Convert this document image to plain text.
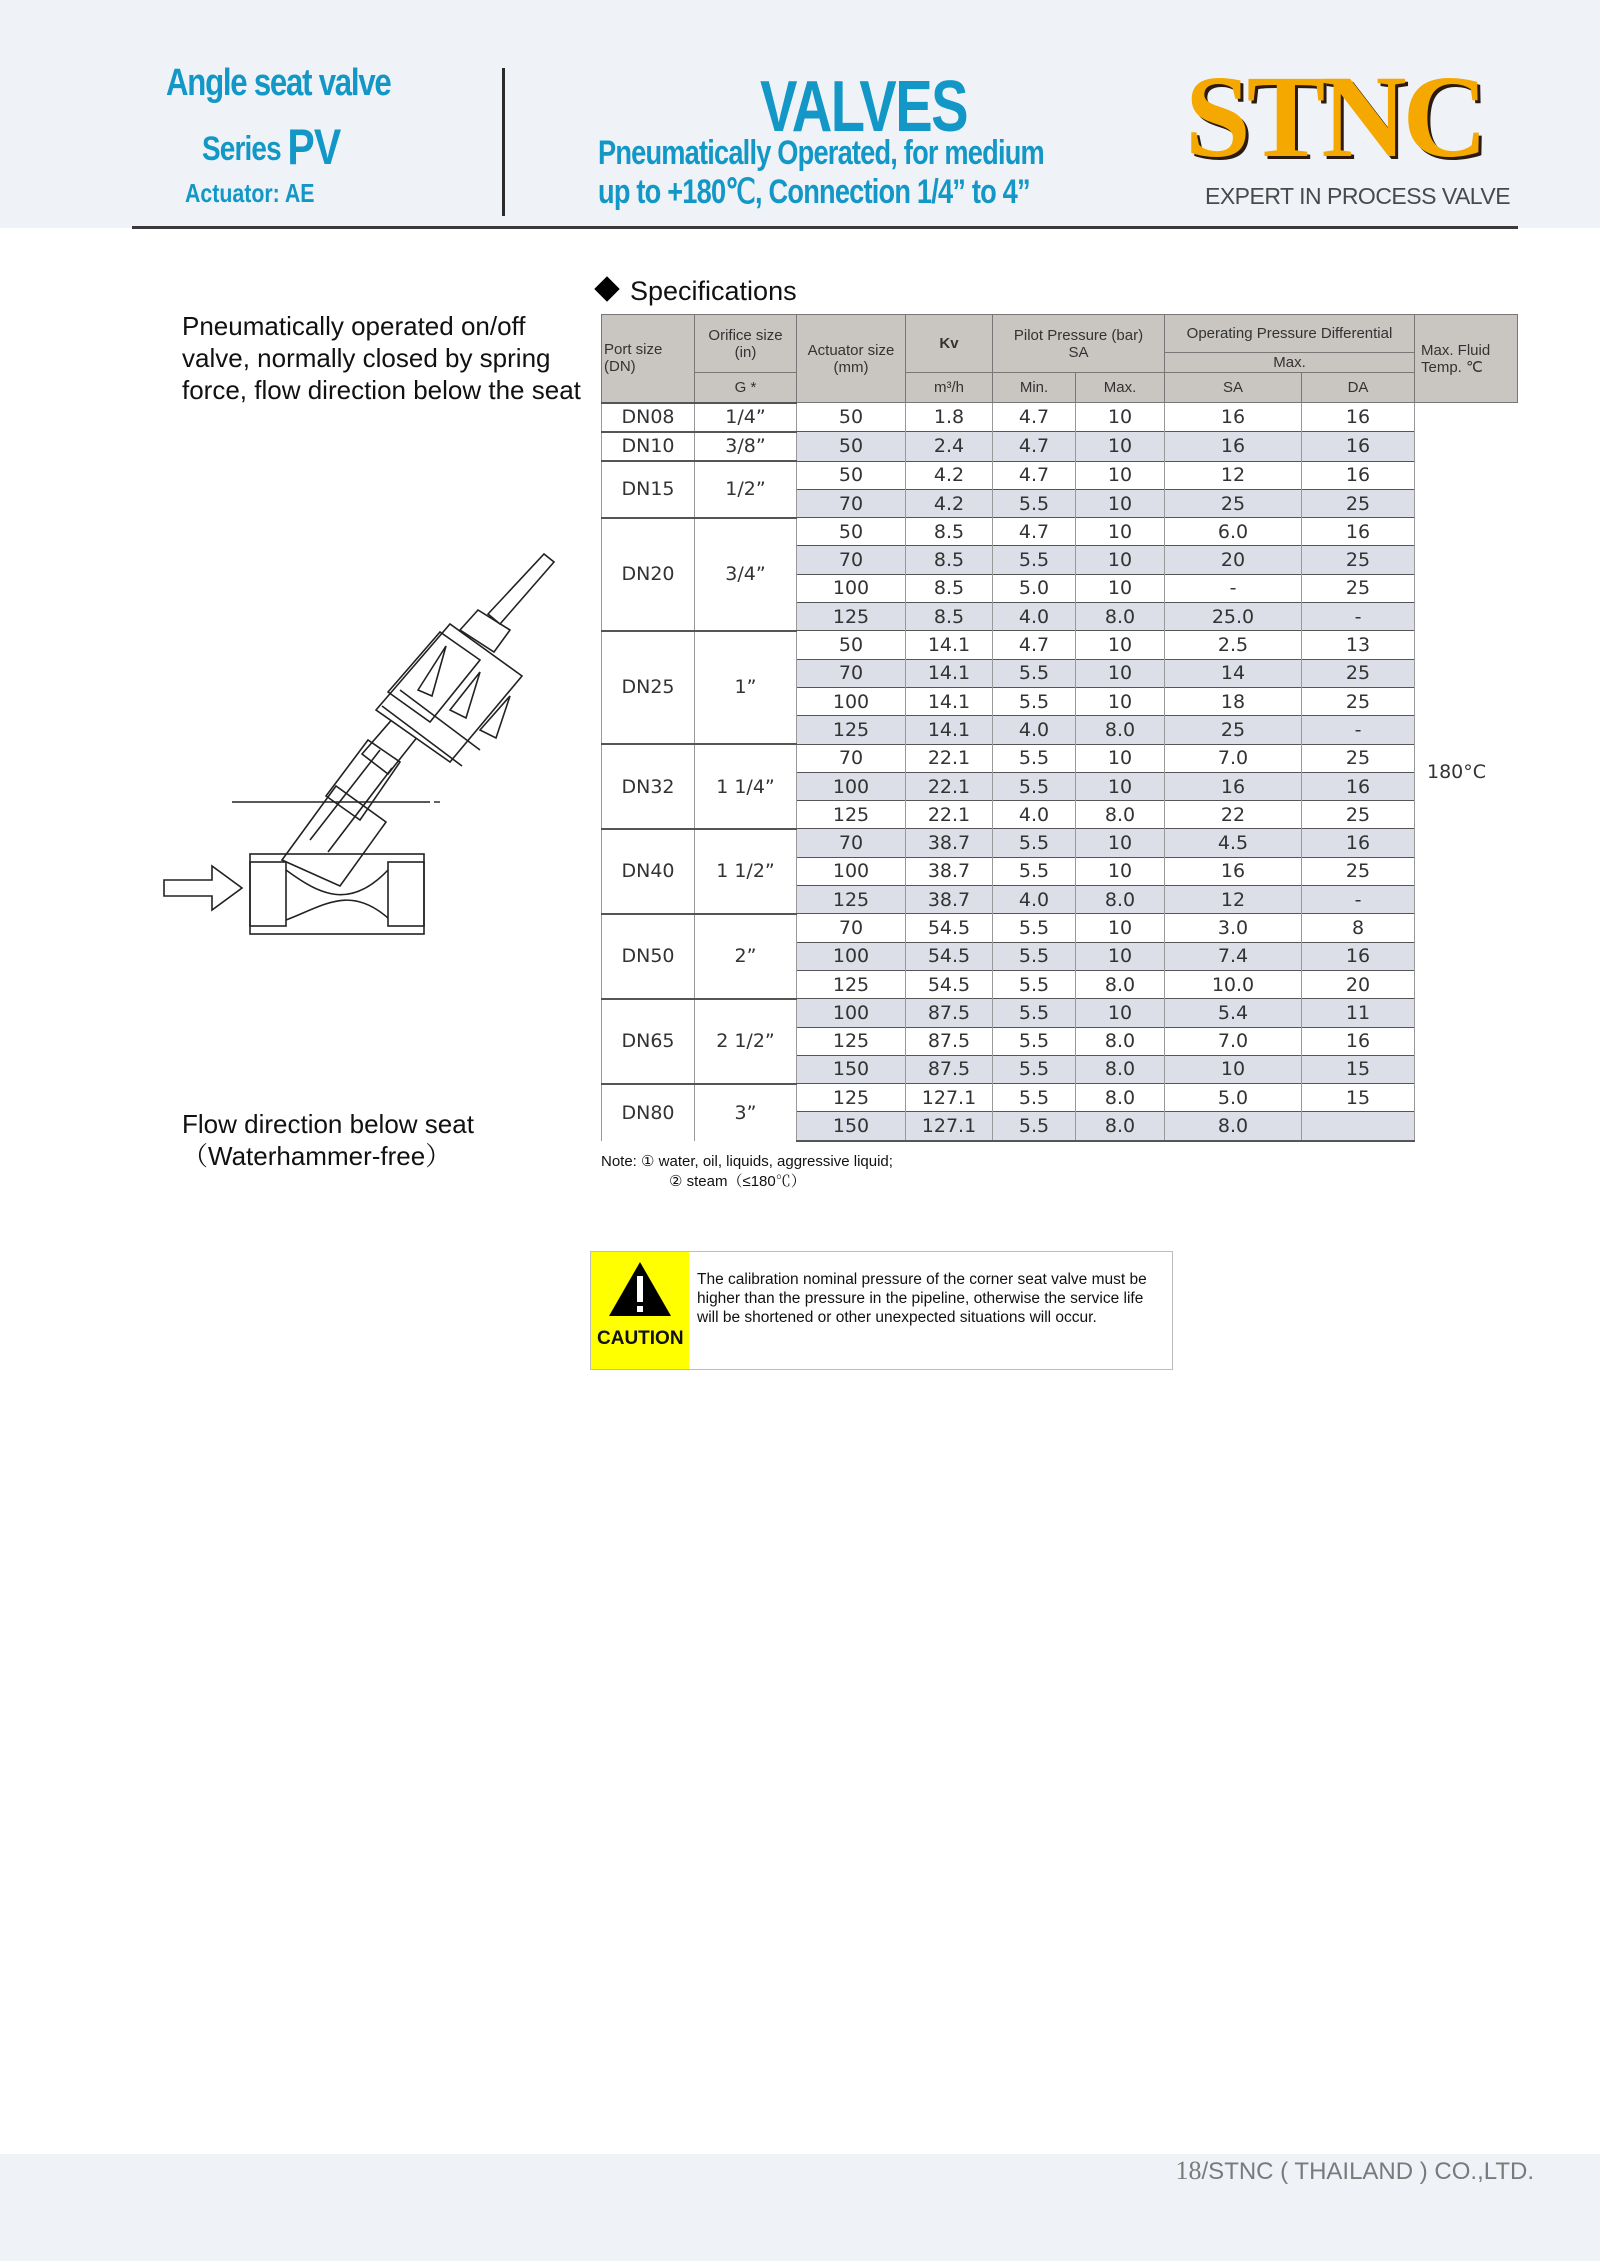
Angle seat valve
Series PV
Actuator: AE
VALVES
Pneumatically Operated, for medium
up to +180℃, Connection 1/4” to 4”
STNC
EXPERT IN PROCESS VALVE
Pneumatically operated on/off valve, normally closed by spring force, flow direction below the seat
Flow direction below seat
（Waterhammer-free）
Specifications
Port size (DN)	Orifice size (in)	Actuator size (mm)	Kv	Pilot Pressure (bar)
SA		Operating Pressure Differential		Max. Fluid Temp. ℃
						Max.		
	G *		m³/h	Min.	Max.	SA	DA	
DN08	1/4”	50	1.8	4.7	10	16	16	180°C
DN10	3/8”	50	2.4	4.7	10	16	16	
DN15	1/2”	50	4.2	4.7	10	12	16	
		70	4.2	5.5	10	25	25	
DN20	3/4”	50	8.5	4.7	10	6.0	16	
		70	8.5	5.5	10	20	25	
		100	8.5	5.0	10	-	25	
		125	8.5	4.0	8.0	25.0	-	
DN25	1”	50	14.1	4.7	10	2.5	13	
		70	14.1	5.5	10	14	25	
		100	14.1	5.5	10	18	25	
		125	14.1	4.0	8.0	25	-	
DN32	1 1/4”	70	22.1	5.5	10	7.0	25	
		100	22.1	5.5	10	16	16	
		125	22.1	4.0	8.0	22	25	
DN40	1 1/2”	70	38.7	5.5	10	4.5	16	
		100	38.7	5.5	10	16	25	
		125	38.7	4.0	8.0	12	-	
DN50	2”	70	54.5	5.5	10	3.0	8	
		100	54.5	5.5	10	7.4	16	
		125	54.5	5.5	8.0	10.0	20	
DN65	2 1/2”	100	87.5	5.5	10	5.4	11	
		125	87.5	5.5	8.0	7.0	16	
		150	87.5	5.5	8.0	10	15	
DN80	3”	125	127.1	5.5	8.0	5.0	15	
		150	127.1	5.5	8.0	8.0		
Note: ① water, oil, liquids, aggressive liquid;
② steam（≤180℃）
CAUTION
The calibration nominal pressure of the corner seat valve must be higher than the pressure in the pipeline, otherwise the service life will be shortened or other unexpected situations will occur.
18/STNC ( THAILAND ) CO.,LTD.
